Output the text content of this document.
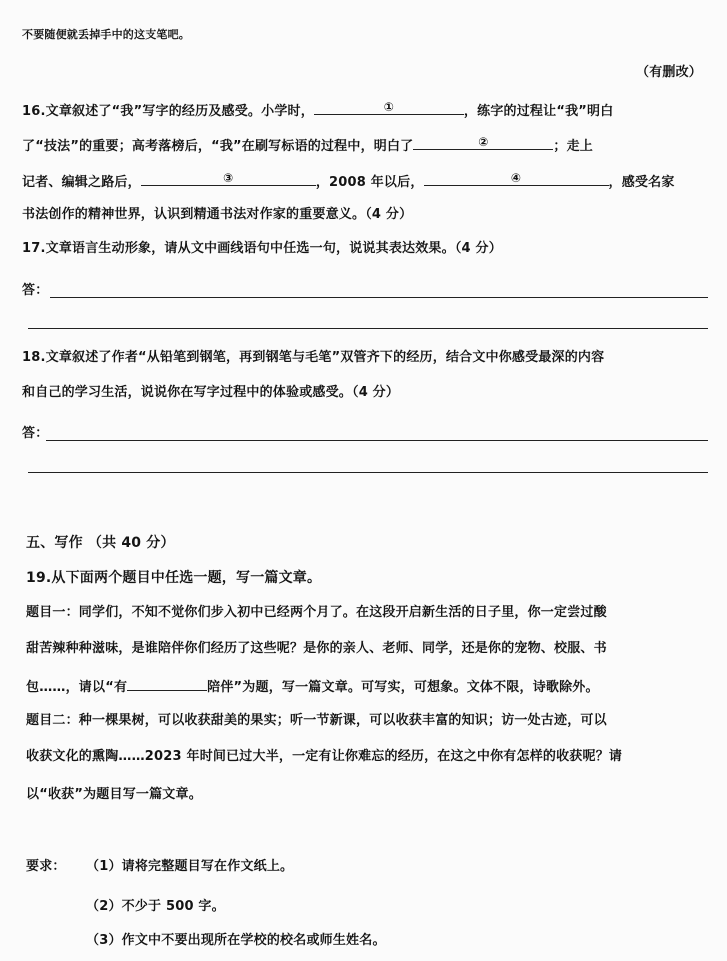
不要随便就丢掉手中的这支笔吧。
（有删改）
16.文章叙述了“我”写字的经历及感受。小学时，	①	，练字的过程让“我”明白
了“技法”的重要；高考落榜后，“我”在刷写标语的过程中，明白了	②	；走上
记者、编辑之路后，	③	，2008 年以后，	④	，感受名家
书法创作的精神世界，认识到精通书法对作家的重要意义。（4 分）
17.文章语言生动形象，请从文中画线语句中任选一句，说说其表达效果。（4 分）
答：
18.文章叙述了作者“从铅笔到钢笔，再到钢笔与毛笔”双管齐下的经历，结合文中你感受最深的内容
和自己的学习生活，说说你在写字过程中的体验或感受。（4 分）
答：
五、写作 （共 40 分）
19.从下面两个题目中任选一题，写一篇文章。
题目一：同学们，不知不觉你们步入初中已经两个月了。在这段开启新生活的日子里，你一定尝过酸
甜苦辣种种滋味，是谁陪伴你们经历了这些呢？是你的亲人、老师、同学，还是你的宠物、校服、书
包……，请以“有	陪伴”为题，写一篇文章。可写实，可想象。文体不限，诗歌除外。
题目二：种一棵果树，可以收获甜美的果实；听一节新课，可以收获丰富的知识；访一处古迹，可以
收获文化的熏陶……2023 年时间已过大半，一定有让你难忘的经历，在这之中你有怎样的收获呢？请
以“收获”为题目写一篇文章。
要求： （1）请将完整题目写在作文纸上。
（2）不少于 500 字。
（3）作文中不要出现所在学校的校名或师生姓名。
